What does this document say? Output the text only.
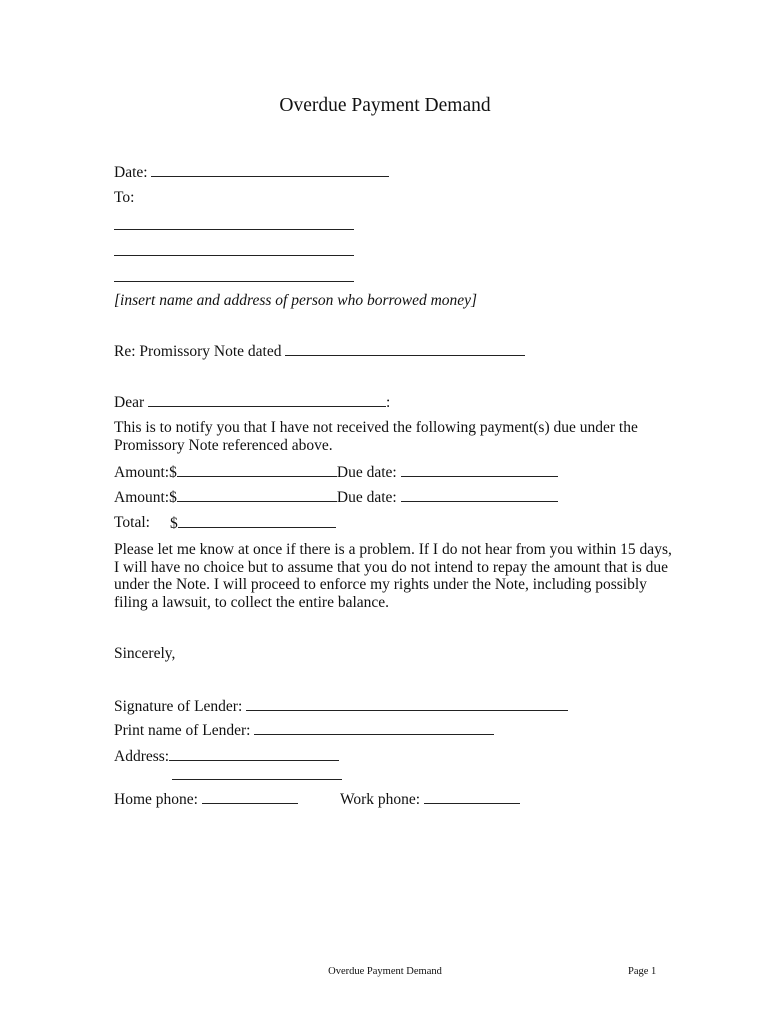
Overdue Payment Demand
Date:
To:
[insert name and address of person who borrowed money]
Re: Promissory Note dated
Dear	:
This is to notify you that I have not received the following payment(s) due under the
Promissory Note referenced above.
Amount:$	Due date:
Amount:$	Due date:
Total: $
Please let me know at once if there is a problem. If I do not hear from you within 15 days,
I will have no choice but to assume that you do not intend to repay the amount that is due
under the Note. I will proceed to enforce my rights under the Note, including possibly
filing a lawsuit, to collect the entire balance.
Sincerely,
Signature of Lender:
Print name of Lender:
Address:
Home phone:	Work phone:
Overdue Payment Demand	Page 1
